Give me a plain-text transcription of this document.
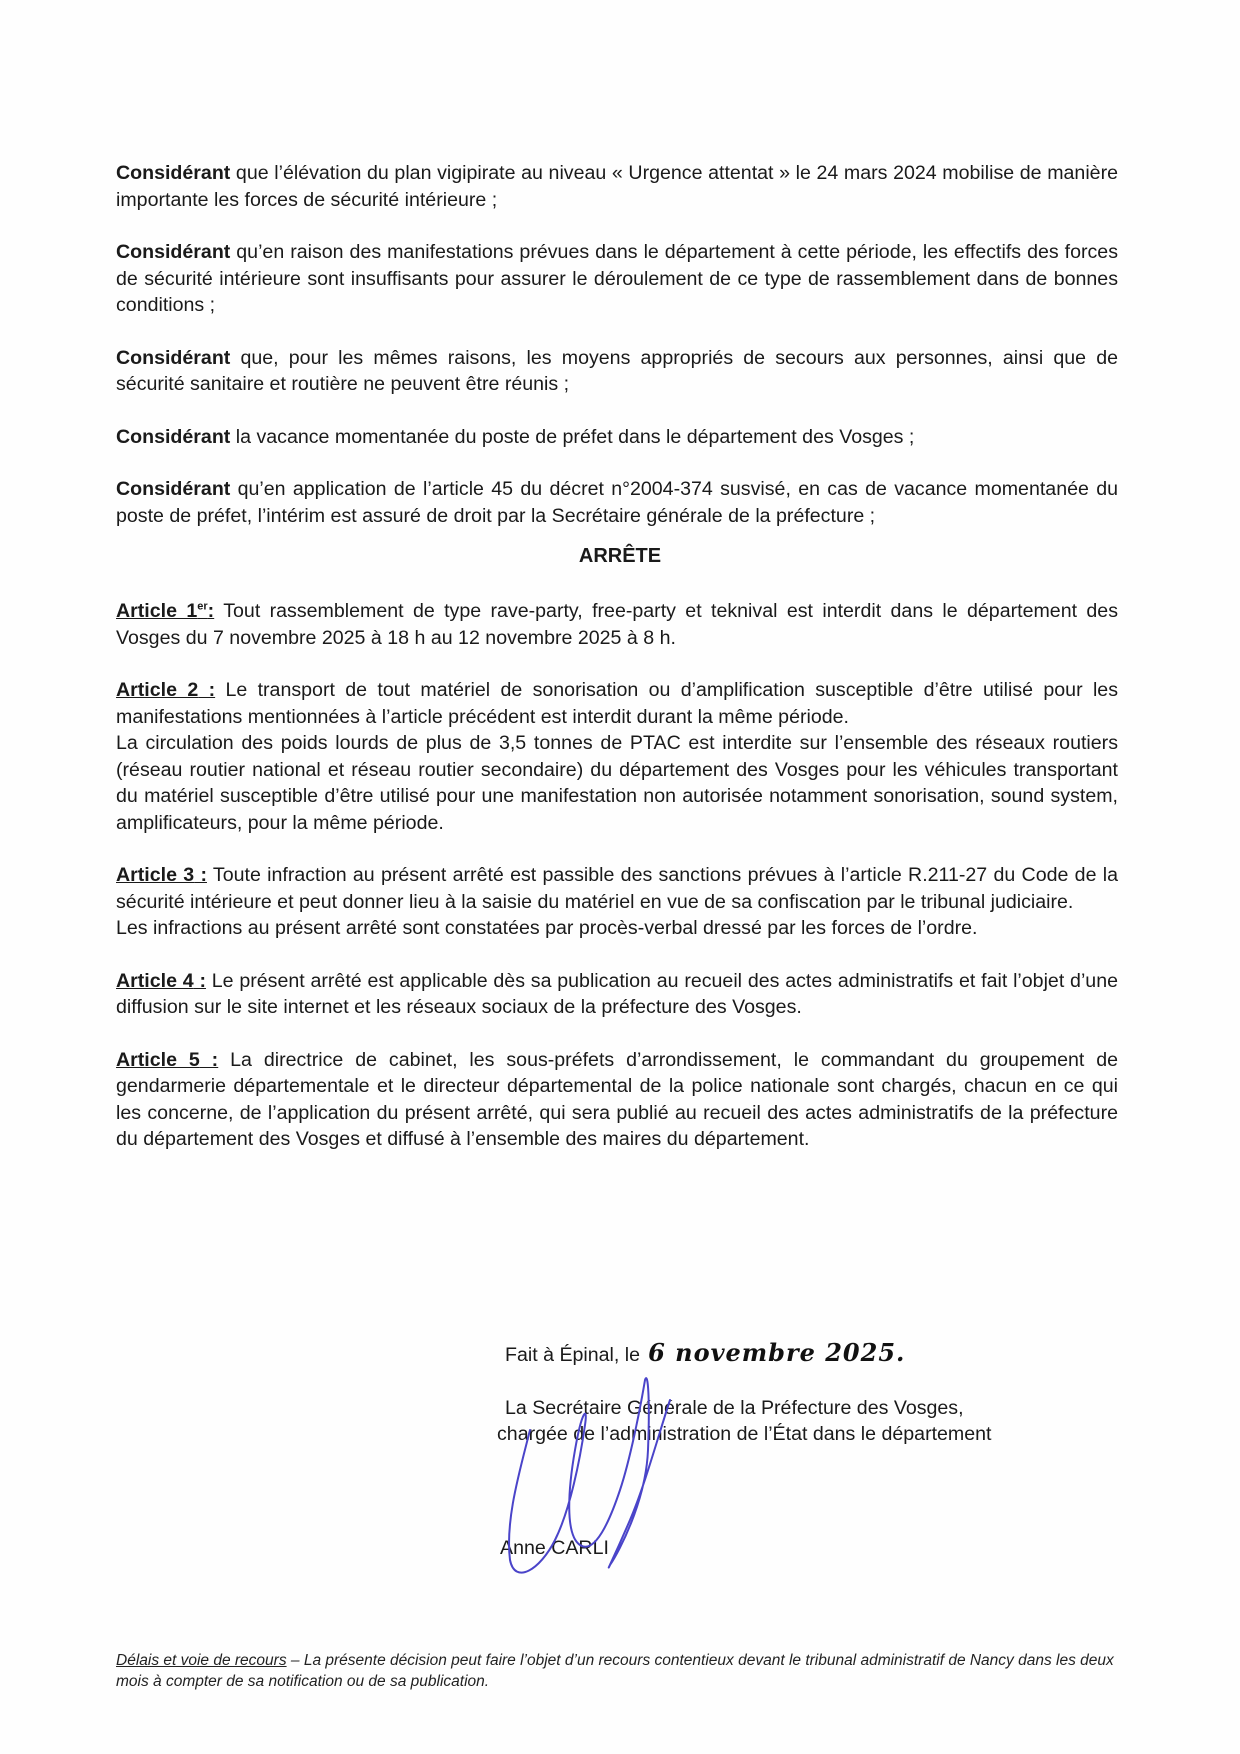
Considérant que l’élévation du plan vigipirate au niveau « Urgence attentat » le 24 mars 2024 mobilise de manière importante les forces de sécurité intérieure ;

Considérant qu’en raison des manifestations prévues dans le département à cette période, les effectifs des forces de sécurité intérieure sont insuffisants pour assurer le déroulement de ce type de rassemblement dans de bonnes conditions ;

Considérant que, pour les mêmes raisons, les moyens appropriés de secours aux personnes, ainsi que de sécurité sanitaire et routière ne peuvent être réunis ;

Considérant la vacance momentanée du poste de préfet dans le département des Vosges ;

Considérant qu’en application de l’article 45 du décret n°2004-374 susvisé, en cas de vacance momentanée du poste de préfet, l’intérim est assuré de droit par la Secrétaire générale de la préfecture ;

ARRÊTE

Article 1er: Tout rassemblement de type rave-party, free-party et teknival est interdit dans le département des Vosges du 7 novembre 2025 à 18 h au 12 novembre 2025 à 8 h.

Article 2 : Le transport de tout matériel de sonorisation ou d’amplification susceptible d’être utilisé pour les manifestations mentionnées à l’article précédent est interdit durant la même période.

La circulation des poids lourds de plus de 3,5 tonnes de PTAC est interdite sur l’ensemble des réseaux routiers (réseau routier national et réseau routier secondaire) du département des Vosges pour les véhicules transportant du matériel susceptible d’être utilisé pour une manifestation non autorisée notamment sonorisation, sound system, amplificateurs, pour la même période.

Article 3 : Toute infraction au présent arrêté est passible des sanctions prévues à l’article R.211-27 du Code de la sécurité intérieure et peut donner lieu à la saisie du matériel en vue de sa confiscation par le tribunal judiciaire.

Les infractions au présent arrêté sont constatées par procès-verbal dressé par les forces de l’ordre.

Article 4 : Le présent arrêté est applicable dès sa publication au recueil des actes administratifs et fait l’objet d’une diffusion sur le site internet et les réseaux sociaux de la préfecture des Vosges.

Article 5 : La directrice de cabinet, les sous-préfets d’arrondissement, le commandant du groupement de gendarmerie départementale et le directeur départemental de la police nationale sont chargés, chacun en ce qui les concerne, de l’application du présent arrêté, qui sera publié au recueil des actes administratifs de la préfecture du département des Vosges et diffusé à l’ensemble des maires du département.

Fait à Épinal, le 6 novembre 2025.
La Secrétaire Générale de la Préfecture des Vosges,
chargée de l’administration de l’État dans le département
Anne CARLI
Délais et voie de recours – La présente décision peut faire l’objet d’un recours contentieux devant le tribunal administratif de Nancy dans les deux mois à compter de sa notification ou de sa publication.
